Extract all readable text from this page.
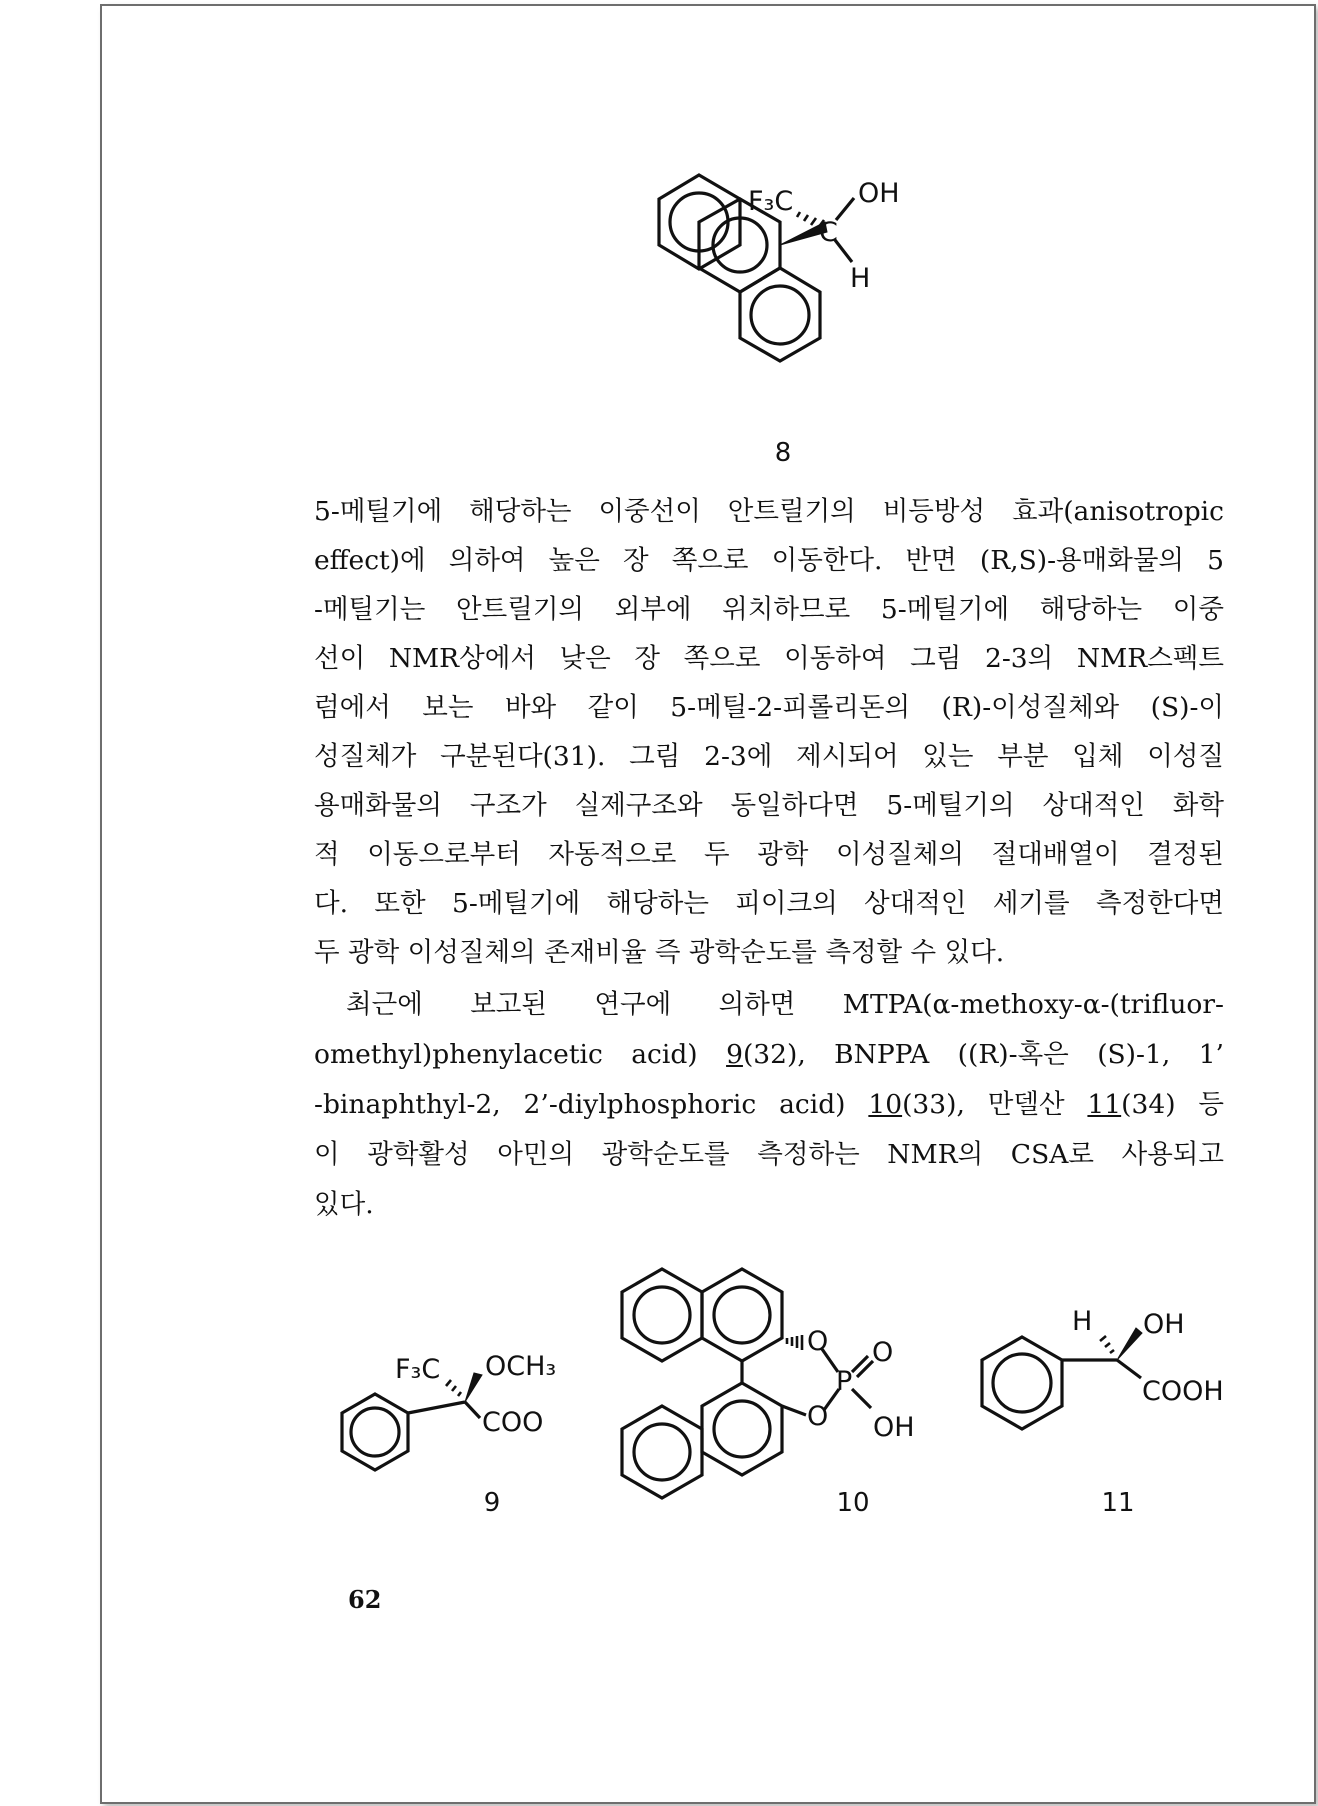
F₃C OH
C
H
8

5-메틸기에 해당하는 이중선이 안트릴기의 비등방성 효과(anisotropic

effect)에 의하여 높은 장 쪽으로 이동한다. 반면 (R,S)-용매화물의 5

-메틸기는 안트릴기의 외부에 위치하므로 5-메틸기에 해당하는 이중

선이 NMR상에서 낮은 장 쪽으로 이동하여 그림 2-3의 NMR스펙트

럼에서 보는 바와 같이 5-메틸-2-피롤리돈의 (R)-이성질체와 (S)-이

성질체가 구분된다(31). 그림 2-3에 제시되어 있는 부분 입체 이성질

용매화물의 구조가 실제구조와 동일하다면 5-메틸기의 상대적인 화학

적 이동으로부터 자동적으로 두 광학 이성질체의 절대배열이 결정된

다. 또한 5-메틸기에 해당하는 피이크의 상대적인 세기를 측정한다면

두 광학 이성질체의 존재비율 즉 광학순도를 측정할 수 있다.

최근에 보고된 연구에 의하면 MTPA(α-methoxy-α-(trifluor-

omethyl)phenylacetic acid) 9(32), BNPPA ((R)-혹은 (S)-1, 1’

-binaphthyl-2, 2’-diylphosphoric acid) 10(33), 만델산 11(34) 등

이 광학활성 아민의 광학순도를 측정하는 NMR의 CSA로 사용되고

있다.

F₃C OCH₃
COO
9
O
O
P
O
OH
10
H OH
COOH
11
62
